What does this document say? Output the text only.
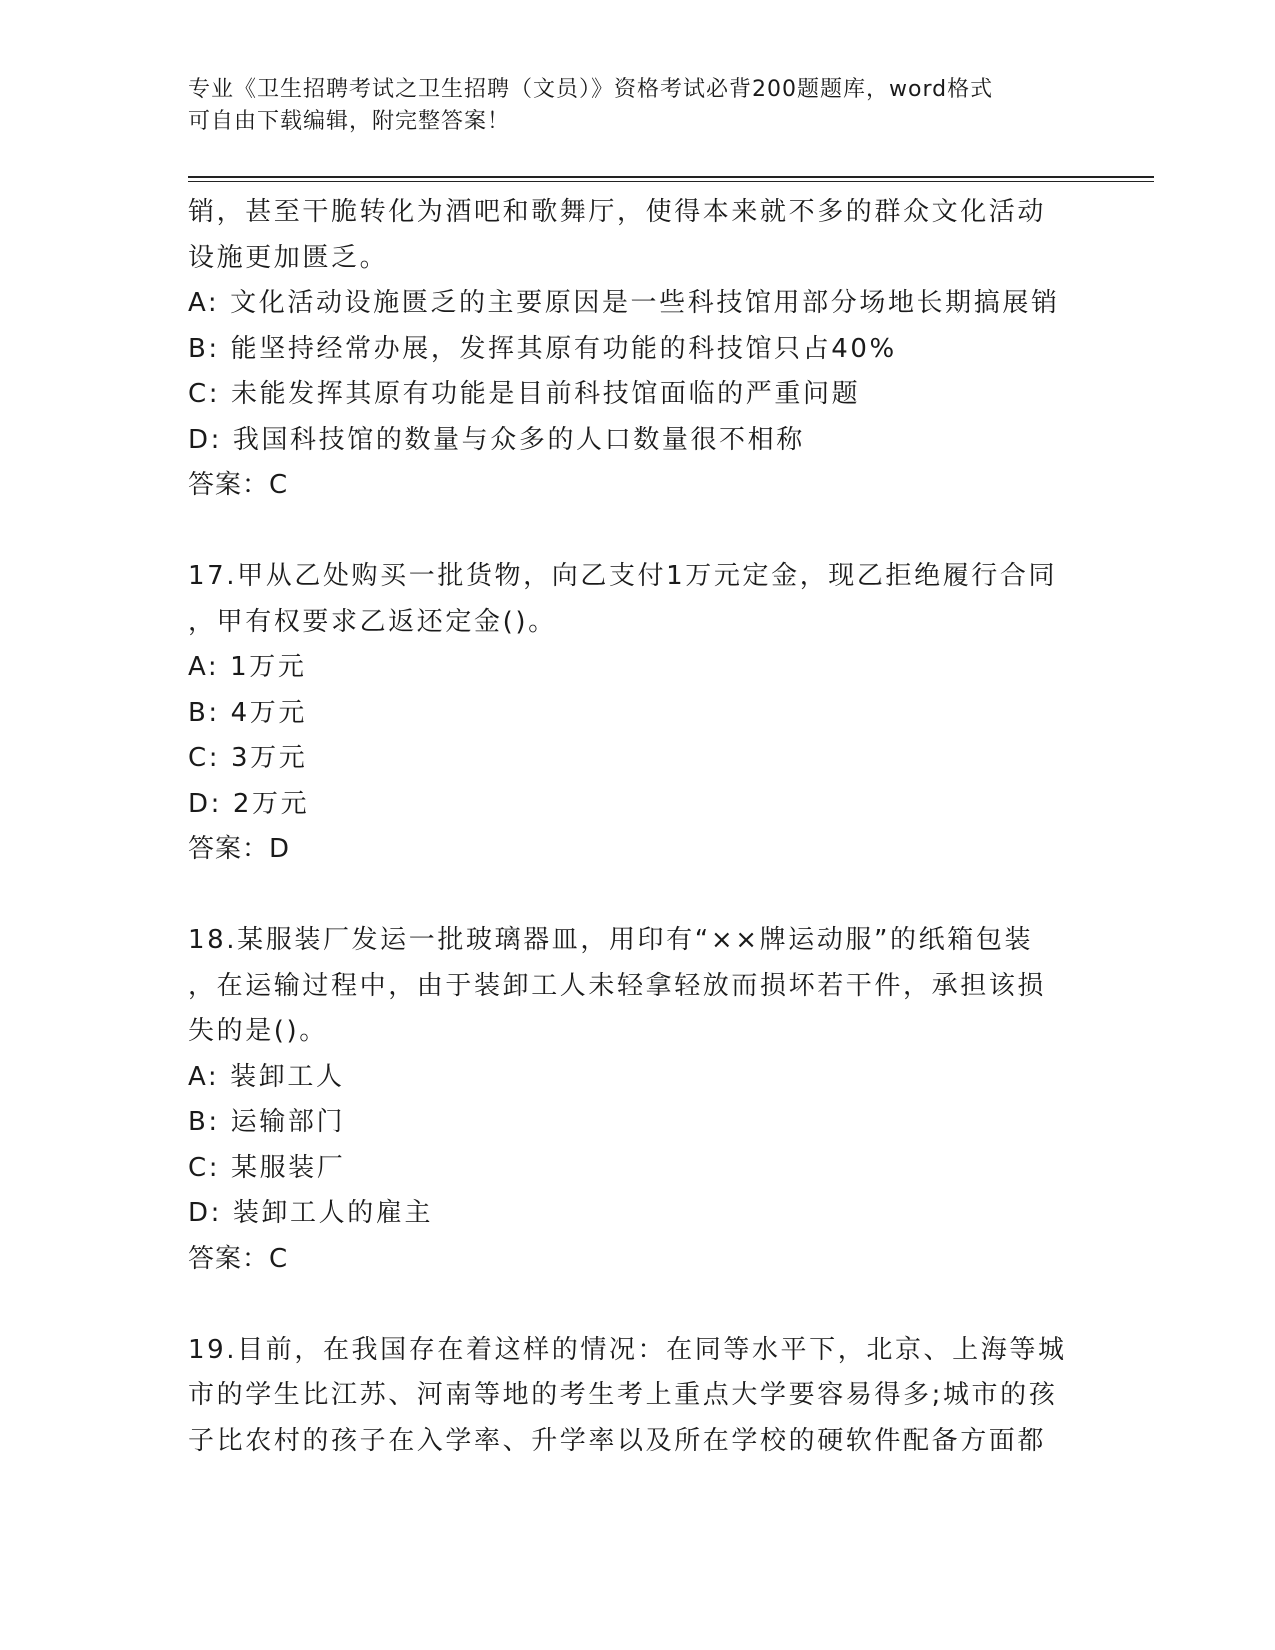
专业《卫生招聘考试之卫生招聘（文员）》资格考试必背200题题库，word格式
可自由下载编辑，附完整答案！
销，甚至干脆转化为酒吧和歌舞厅，使得本来就不多的群众文化活动
设施更加匮乏。
A: 文化活动设施匮乏的主要原因是一些科技馆用部分场地长期搞展销
B: 能坚持经常办展，发挥其原有功能的科技馆只占40%
C: 未能发挥其原有功能是目前科技馆面临的严重问题
D: 我国科技馆的数量与众多的人口数量很不相称
答案：C
17.甲从乙处购买一批货物，向乙支付1万元定金，现乙拒绝履行合同
，甲有权要求乙返还定金()。
A: 1万元
B: 4万元
C: 3万元
D: 2万元
答案：D
18.某服装厂发运一批玻璃器皿，用印有“××牌运动服”的纸箱包装
，在运输过程中，由于装卸工人未轻拿轻放而损坏若干件，承担该损
失的是()。
A: 装卸工人
B: 运输部门
C: 某服装厂
D: 装卸工人的雇主
答案：C
19.目前，在我国存在着这样的情况：在同等水平下，北京、上海等城
市的学生比江苏、河南等地的考生考上重点大学要容易得多;城市的孩
子比农村的孩子在入学率、升学率以及所在学校的硬软件配备方面都
